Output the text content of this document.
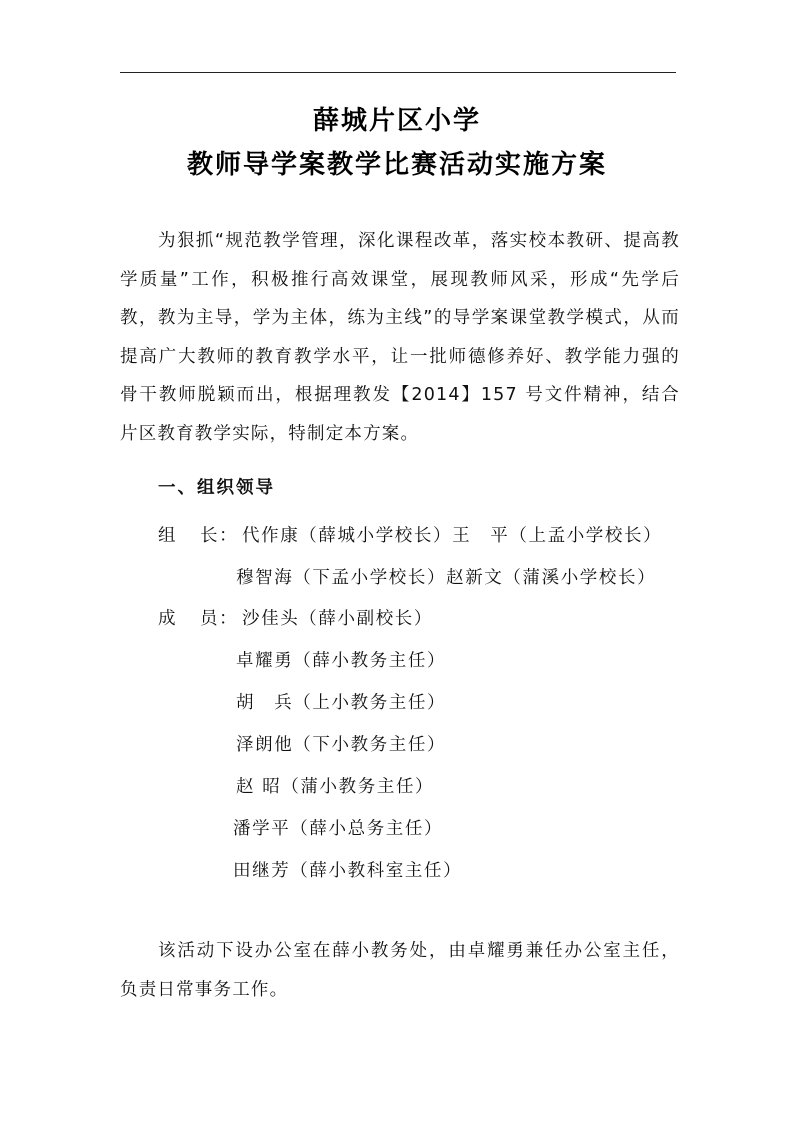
薛城片区小学
教师导学案教学比赛活动实施方案

为狠抓“规范教学管理，深化课程改革，落实校本教研、提高教学质量”工作，积极推行高效课堂，展现教师风采，形成“先学后教，教为主导，学为主体，练为主线”的导学案课堂教学模式，从而提高广大教师的教育教学水平，让一批师德修养好、教学能力强的骨干教师脱颖而出，根据理教发【2014】157 号文件精神，结合片区教育教学实际，特制定本方案。

一、组织领导
组 长： 代作康（薛城小学校长）王　平（上孟小学校长）
穆智海（下孟小学校长）赵新文（蒲溪小学校长）
成 员： 沙佳头（薛小副校长）
卓耀勇（薛小教务主任）
胡　兵（上小教务主任）
泽朗他（下小教务主任）
赵 昭（蒲小教务主任）
潘学平（薛小总务主任）
田继芳（薛小教科室主任）

该活动下设办公室在薛小教务处，由卓耀勇兼任办公室主任，负责日常事务工作。
